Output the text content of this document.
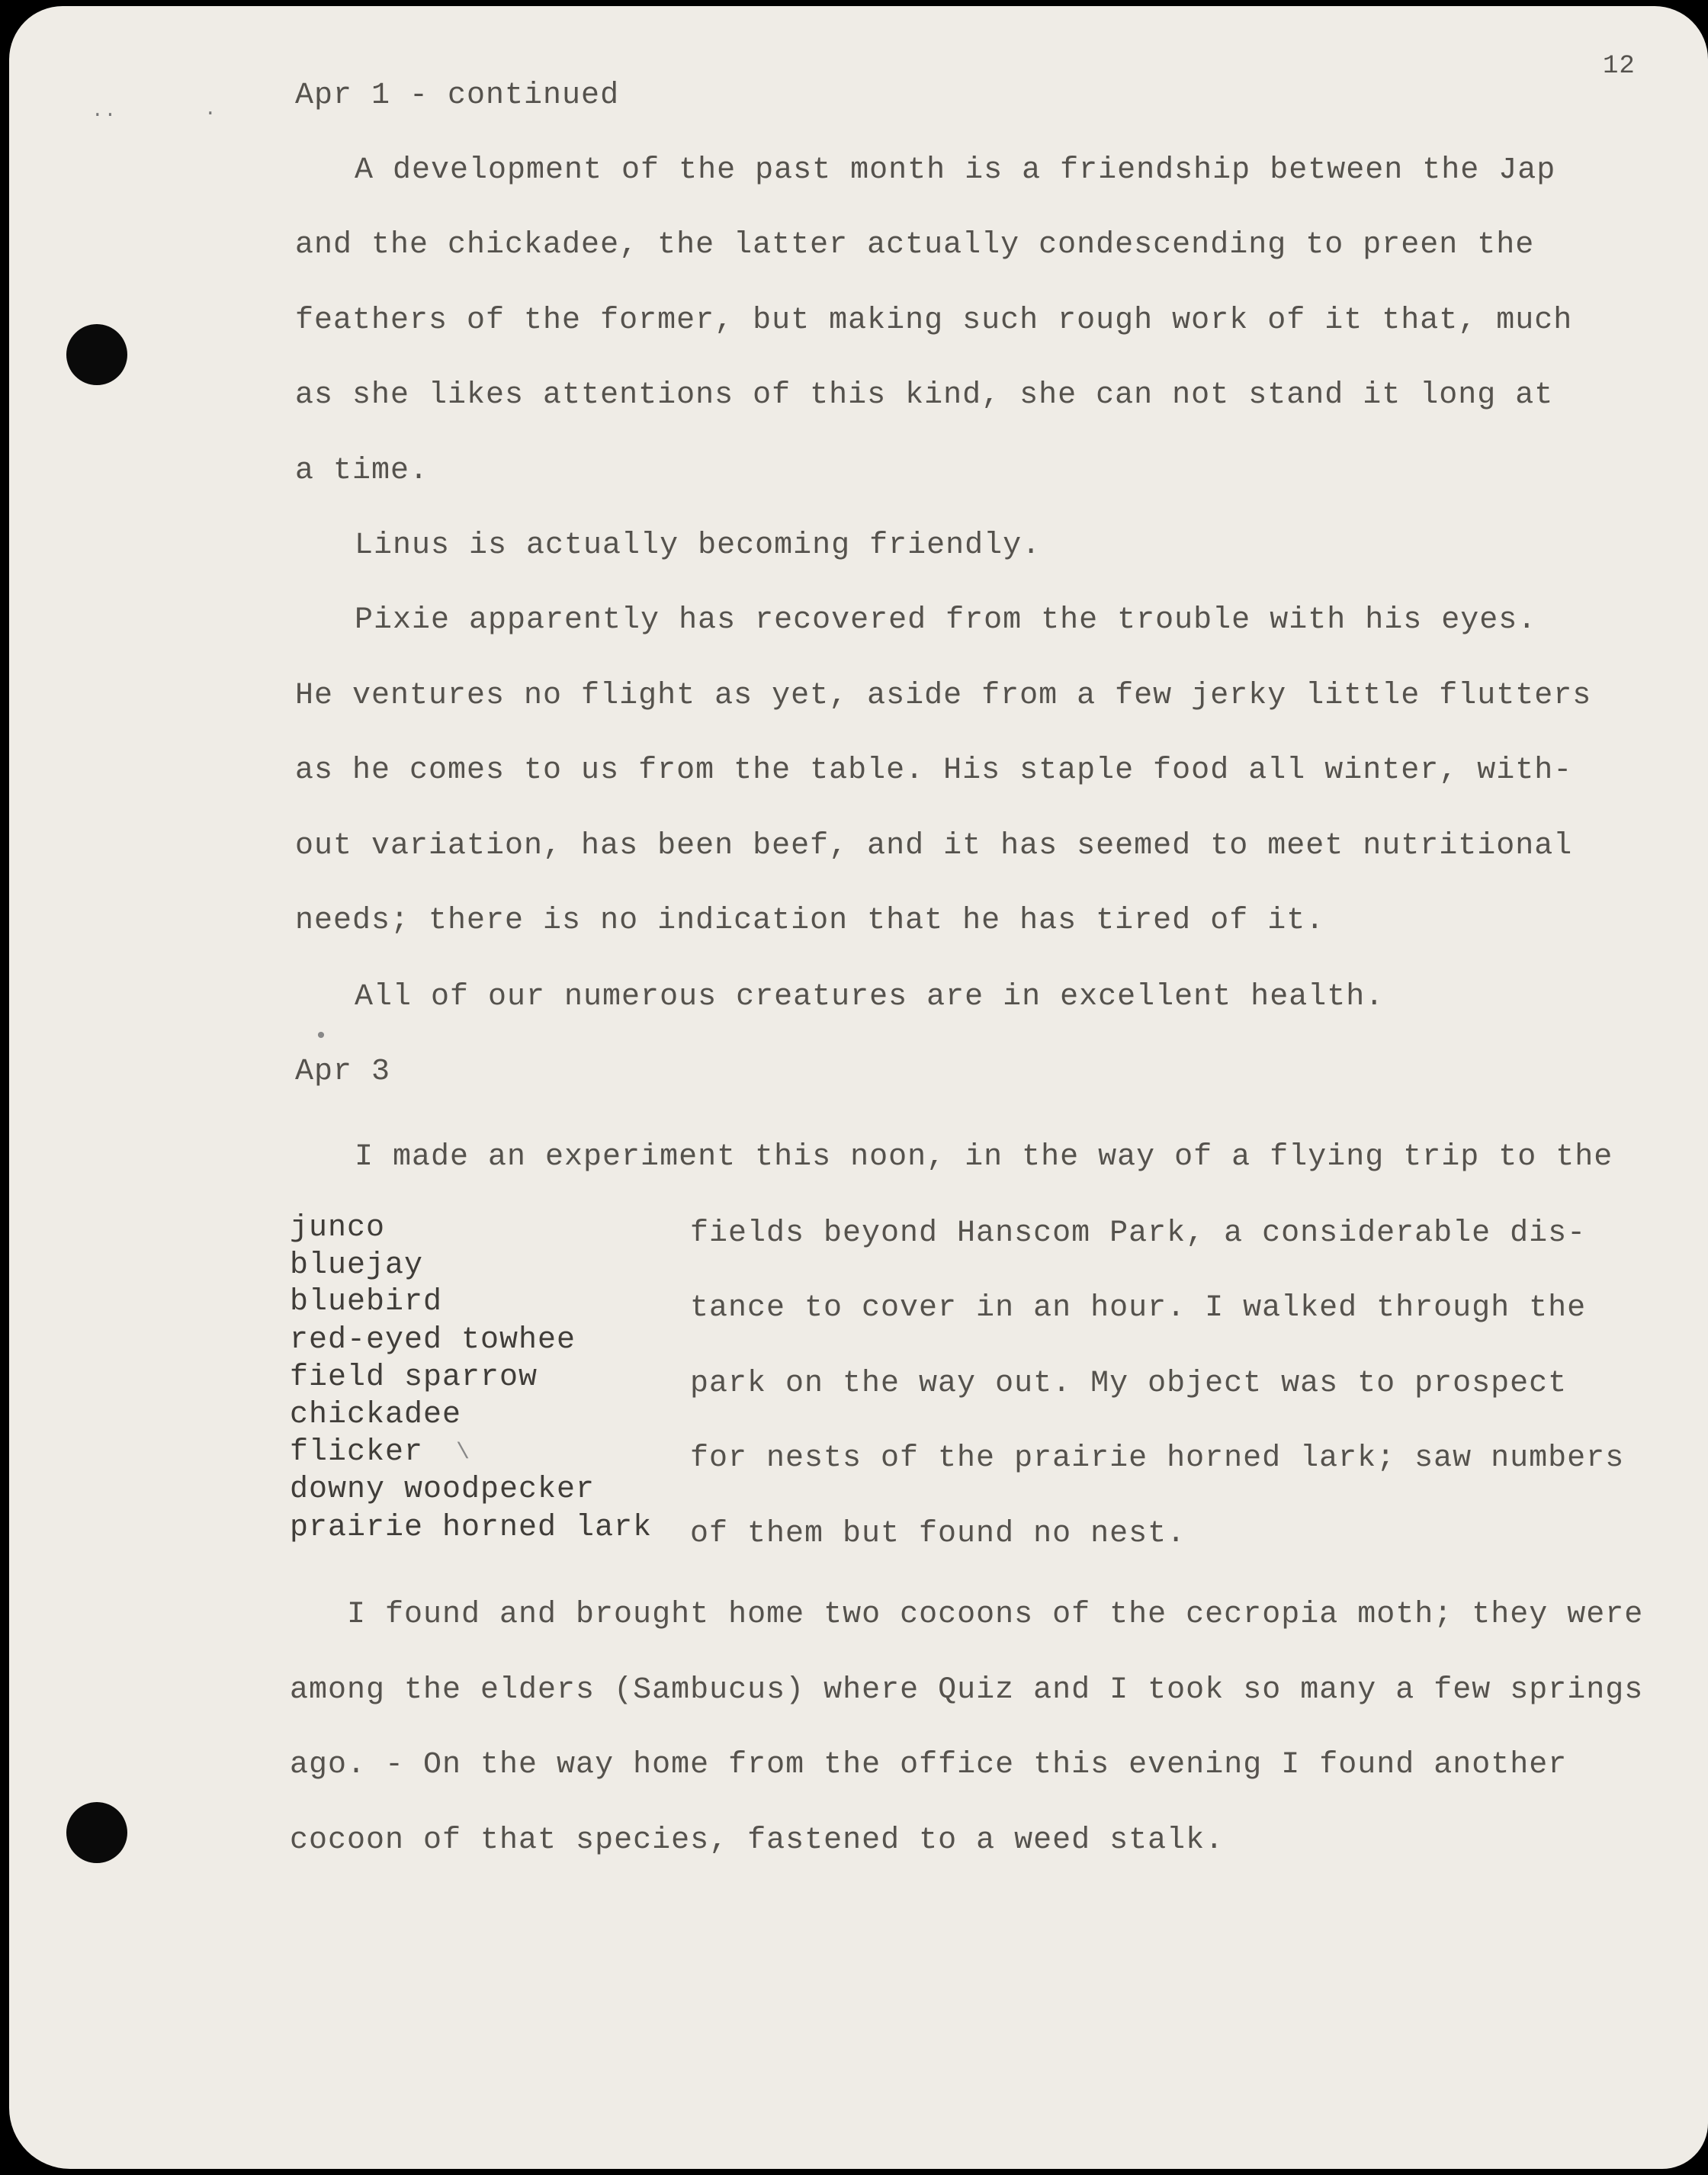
..	.
12
Apr 1 - continued
A development of the past month is a friendship between the Jap
and the chickadee, the latter actually condescending to preen the
feathers of the former, but making such rough work of it that, much
as she likes attentions of this kind, she can not stand it long at
a time.
Linus is actually becoming friendly.
Pixie apparently has recovered from the trouble with his eyes.
He ventures no flight as yet, aside from a few jerky little flutters
as he comes to us from the table. His staple food all winter, with-
out variation, has been beef, and it has seemed to meet nutritional
needs; there is no indication that he has tired of it.
All of our numerous creatures are in excellent health.
•
Apr 3
I made an experiment this noon, in the way of a flying trip to the
junco
bluejay
bluebird
red-eyed towhee
field sparrow
chickadee
flicker
downy woodpecker
prairie horned lark
\
fields beyond Hanscom Park, a considerable dis-
tance to cover in an hour. I walked through the
park on the way out. My object was to prospect
for nests of the prairie horned lark; saw numbers
of them but found no nest.
I found and brought home two cocoons of the cecropia moth; they were
among the elders (Sambucus) where Quiz and I took so many a few springs
ago. - On the way home from the office this evening I found another
cocoon of that species, fastened to a weed stalk.
